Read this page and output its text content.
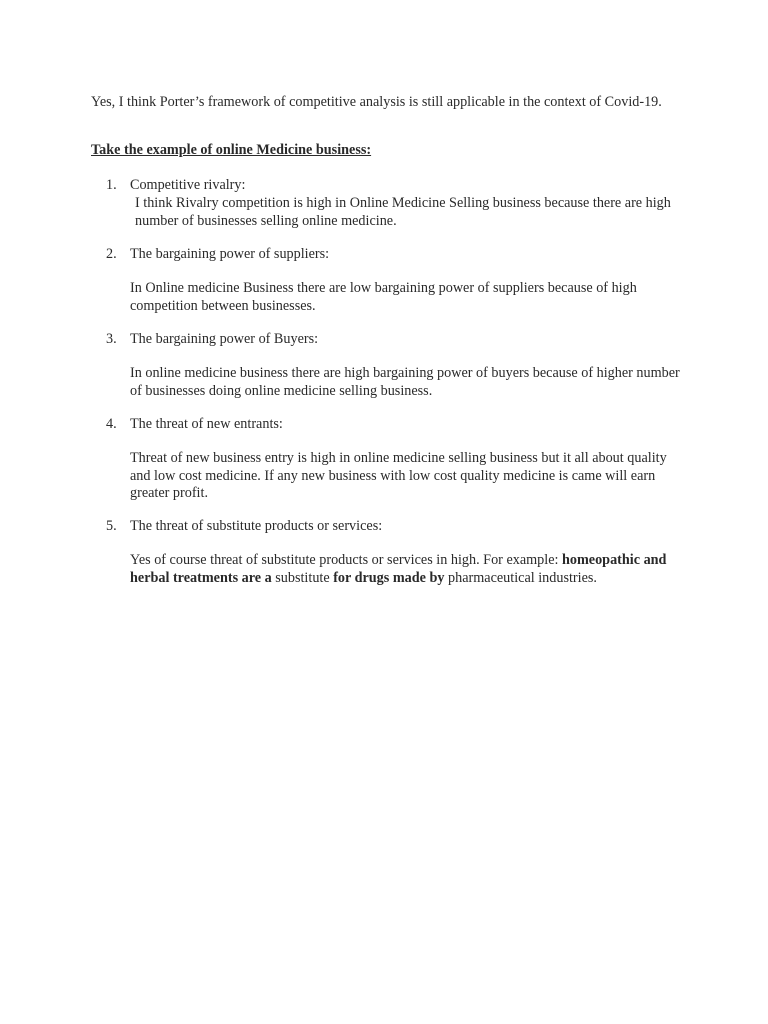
Yes, I think Porter’s framework of competitive analysis is still applicable in the context of Covid-19.

Take the example of online Medicine business:

1. Competitive rivalry:

I think Rivalry competition is high in Online Medicine Selling business because there are high number of businesses selling online medicine.

2. The bargaining power of suppliers:

In Online medicine Business there are low bargaining power of suppliers because of high competition between businesses.

3. The bargaining power of Buyers:

In online medicine business there are high bargaining power of buyers because of higher number of businesses doing online medicine selling business.

4. The threat of new entrants:

Threat of new business entry is high in online medicine selling business but it all about quality and low cost medicine. If any new business with low cost quality medicine is came will earn greater profit.

5. The threat of substitute products or services:

Yes of course threat of substitute products or services in high. For example: homeopathic and herbal treatments are a substitute for drugs made by pharmaceutical industries.
